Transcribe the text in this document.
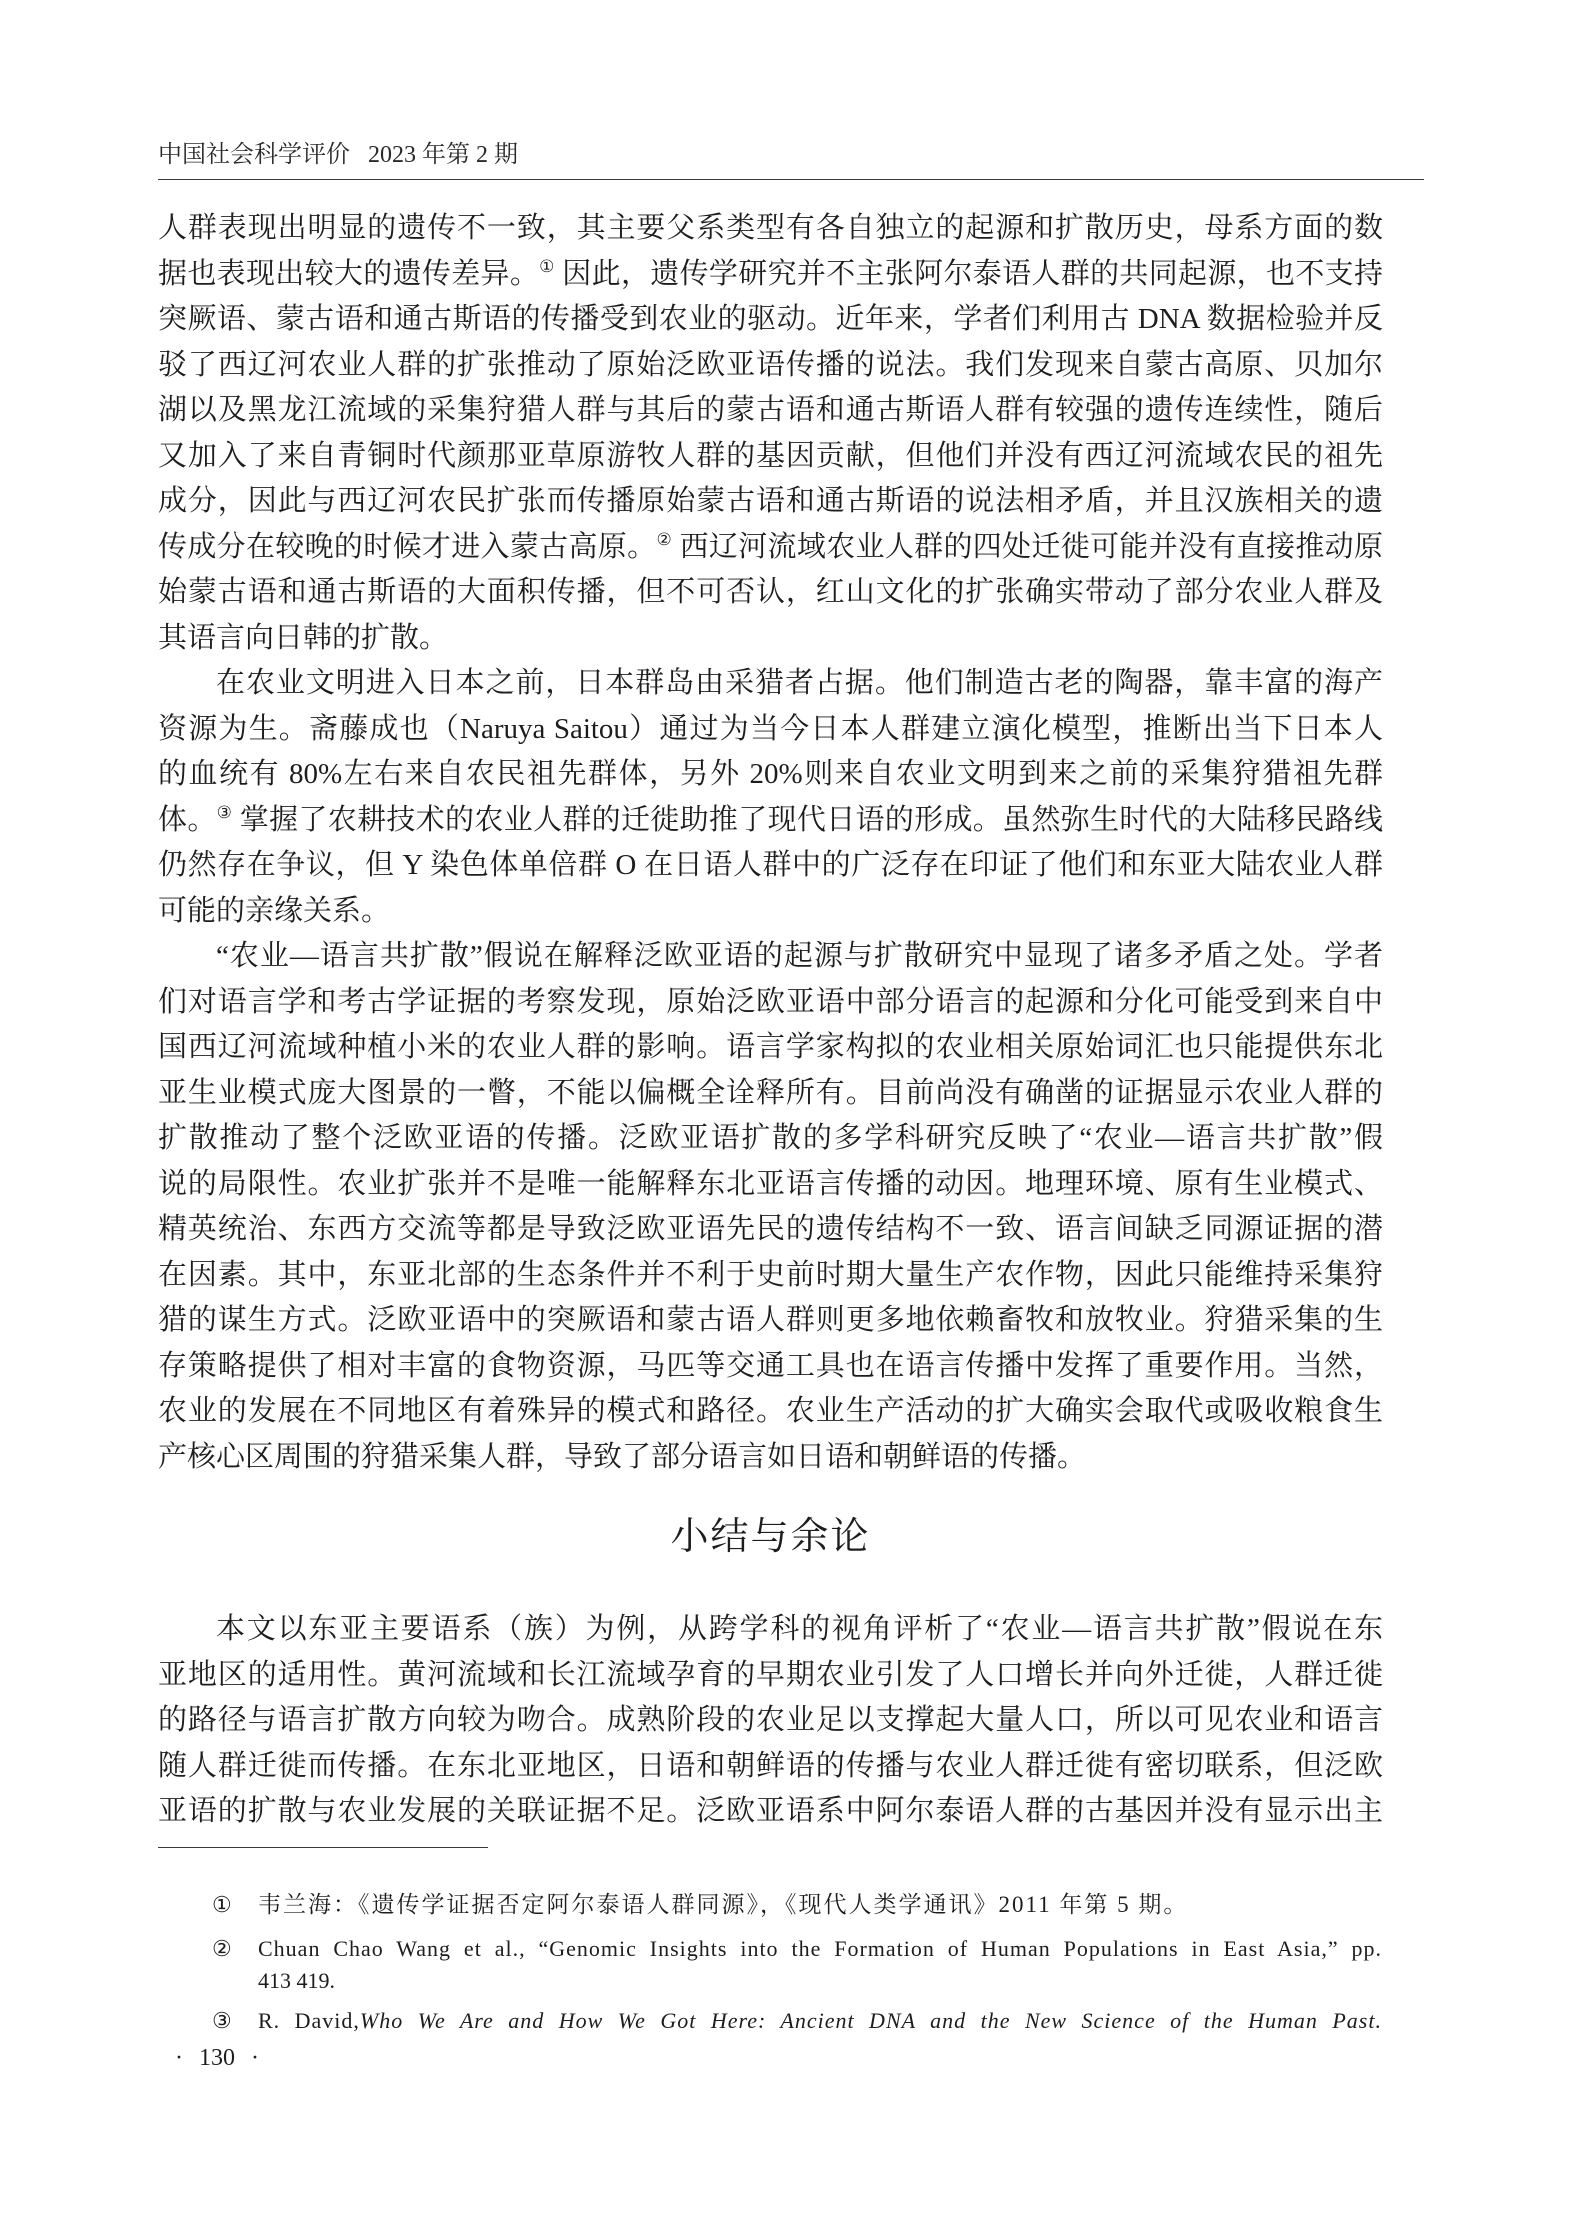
中国社会科学评价 2023 年第 2 期
人群表现出明显的遗传不一致，其主要父系类型有各自独立的起源和扩散历史，母系方面的数
据也表现出较大的遗传差异。① 因此，遗传学研究并不主张阿尔泰语人群的共同起源，也不支持
突厥语、蒙古语和通古斯语的传播受到农业的驱动。近年来，学者们利用古 DNA 数据检验并反
驳了西辽河农业人群的扩张推动了原始泛欧亚语传播的说法。我们发现来自蒙古高原、贝加尔
湖以及黑龙江流域的采集狩猎人群与其后的蒙古语和通古斯语人群有较强的遗传连续性，随后
又加入了来自青铜时代颜那亚草原游牧人群的基因贡献，但他们并没有西辽河流域农民的祖先
成分，因此与西辽河农民扩张而传播原始蒙古语和通古斯语的说法相矛盾，并且汉族相关的遗
传成分在较晚的时候才进入蒙古高原。② 西辽河流域农业人群的四处迁徙可能并没有直接推动原
始蒙古语和通古斯语的大面积传播，但不可否认，红山文化的扩张确实带动了部分农业人群及
其语言向日韩的扩散。
在农业文明进入日本之前，日本群岛由采猎者占据。他们制造古老的陶器，靠丰富的海产
资源为生。斋藤成也（Naruya Saitou）通过为当今日本人群建立演化模型，推断出当下日本人
的血统有 80%左右来自农民祖先群体，另外 20%则来自农业文明到来之前的采集狩猎祖先群
体。③ 掌握了农耕技术的农业人群的迁徙助推了现代日语的形成。虽然弥生时代的大陆移民路线
仍然存在争议，但 Y 染色体单倍群 O 在日语人群中的广泛存在印证了他们和东亚大陆农业人群
可能的亲缘关系。
“农业—语言共扩散”假说在解释泛欧亚语的起源与扩散研究中显现了诸多矛盾之处。学者
们对语言学和考古学证据的考察发现，原始泛欧亚语中部分语言的起源和分化可能受到来自中
国西辽河流域种植小米的农业人群的影响。语言学家构拟的农业相关原始词汇也只能提供东北
亚生业模式庞大图景的一瞥，不能以偏概全诠释所有。目前尚没有确凿的证据显示农业人群的
扩散推动了整个泛欧亚语的传播。泛欧亚语扩散的多学科研究反映了“农业—语言共扩散”假
说的局限性。农业扩张并不是唯一能解释东北亚语言传播的动因。地理环境、原有生业模式、
精英统治、东西方交流等都是导致泛欧亚语先民的遗传结构不一致、语言间缺乏同源证据的潜
在因素。其中，东亚北部的生态条件并不利于史前时期大量生产农作物，因此只能维持采集狩
猎的谋生方式。泛欧亚语中的突厥语和蒙古语人群则更多地依赖畜牧和放牧业。狩猎采集的生
存策略提供了相对丰富的食物资源，马匹等交通工具也在语言传播中发挥了重要作用。当然，
农业的发展在不同地区有着殊异的模式和路径。农业生产活动的扩大确实会取代或吸收粮食生
产核心区周围的狩猎采集人群，导致了部分语言如日语和朝鲜语的传播。
小结与余论
本文以东亚主要语系（族）为例，从跨学科的视角评析了“农业—语言共扩散”假说在东
亚地区的适用性。黄河流域和长江流域孕育的早期农业引发了人口增长并向外迁徙，人群迁徙
的路径与语言扩散方向较为吻合。成熟阶段的农业足以支撑起大量人口，所以可见农业和语言
随人群迁徙而传播。在东北亚地区，日语和朝鲜语的传播与农业人群迁徙有密切联系，但泛欧
亚语的扩散与农业发展的关联证据不足。泛欧亚语系中阿尔泰语人群的古基因并没有显示出主
① 韦兰海：《遗传学证据否定阿尔泰语人群同源》，《现代人类学通讯》2011 年第 5 期。
② Chuan Chao Wang et al., “Genomic Insights into the Formation of Human Populations in East Asia,” pp.
413 419.
③ R. David,Who We Are and How We Got Here: Ancient DNA and the New Science of the Human Past.
· 130 ·
